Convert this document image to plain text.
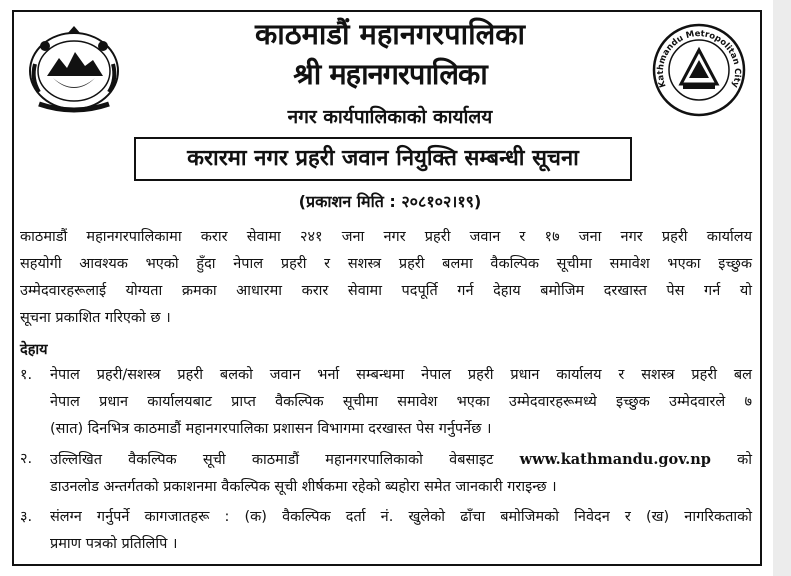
काठमाडौं महानगरपालिका
श्री महानगरपालिका
नगर कार्यपालिकाको कार्यालय
Kathmandu Metropolitan City
करारमा नगर प्रहरी जवान नियुक्ति सम्बन्धी सूचना
(प्रकाशन मिति : २०८१०२।१९)
काठमाडौं महानगरपालिकामा करार सेवामा २४१ जना नगर प्रहरी जवान र १७ जना नगर प्रहरी कार्यालय
सहयोगी आवश्यक भएको हुँदा नेपाल प्रहरी र सशस्त्र प्रहरी बलमा वैकल्पिक सूचीमा समावेश भएका इच्छुक
उम्मेदवारहरूलाई योग्यता क्रमका आधारमा करार सेवामा पदपूर्ति गर्न देहाय बमोजिम दरखास्त पेस गर्न यो
सूचना प्रकाशित गरिएको छ ।
देहाय
१.	नेपाल प्रहरी/सशस्त्र प्रहरी बलको जवान भर्ना सम्बन्धमा नेपाल प्रहरी प्रधान कार्यालय र सशस्त्र प्रहरी बल
नेपाल प्रधान कार्यालयबाट प्राप्त वैकल्पिक सूचीमा समावेश भएका उम्मेदवारहरूमध्ये इच्छुक उम्मेदवारले ७
(सात) दिनभित्र काठमाडौं महानगरपालिका प्रशासन विभागमा दरखास्त पेस गर्नुपर्नेछ ।
२.	उल्लिखित वैकल्पिक सूची काठमाडौं महानगरपालिकाको वेबसाइट www.kathmandu.gov.np को
डाउनलोड अन्तर्गतको प्रकाशनमा वैकल्पिक सूची शीर्षकमा रहेको ब्यहोरा समेत जानकारी गराइन्छ ।
३.	संलग्न गर्नुपर्ने कागजातहरू : (क) वैकल्पिक दर्ता नं. खुलेको ढाँचा बमोजिमको निवेदन र (ख) नागरिकताको
प्रमाण पत्रको प्रतिलिपि ।
